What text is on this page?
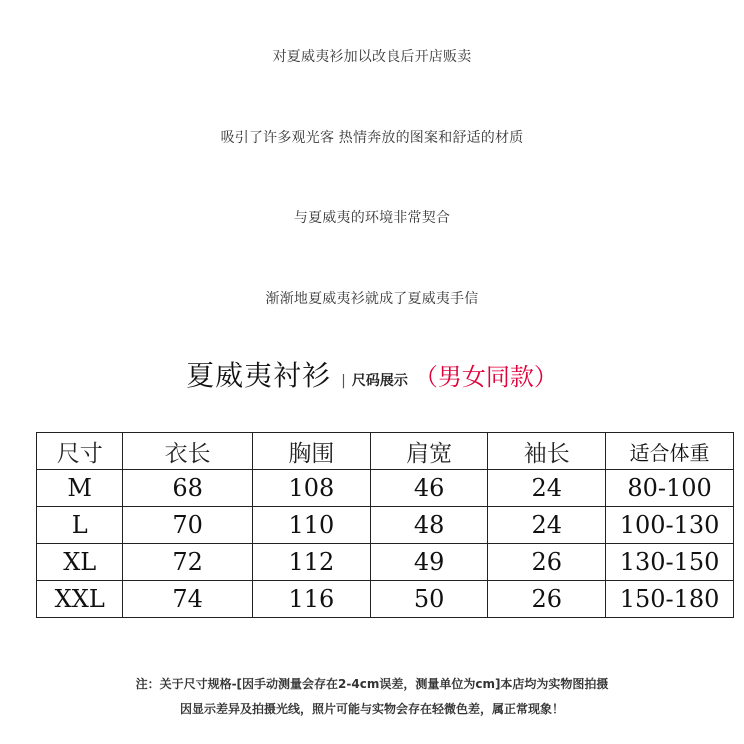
对夏威夷衫加以改良后开店贩卖
吸引了许多观光客 热情奔放的图案和舒适的材质
与夏威夷的环境非常契合
渐渐地夏威夷衫就成了夏威夷手信
夏威夷衬衫 | 尺码展示 （男女同款）
尺寸	衣长	胸围	肩宽	袖长	适合体重
M	68	108	46	24	80-100
L	70	110	48	24	100-130
XL	72	112	49	26	130-150
XXL	74	116	50	26	150-180
注：关于尺寸规格-[因手动测量会存在2-4cm误差，测量单位为cm]本店均为实物图拍摄
因显示差异及拍摄光线，照片可能与实物会存在轻微色差，属正常现象！
